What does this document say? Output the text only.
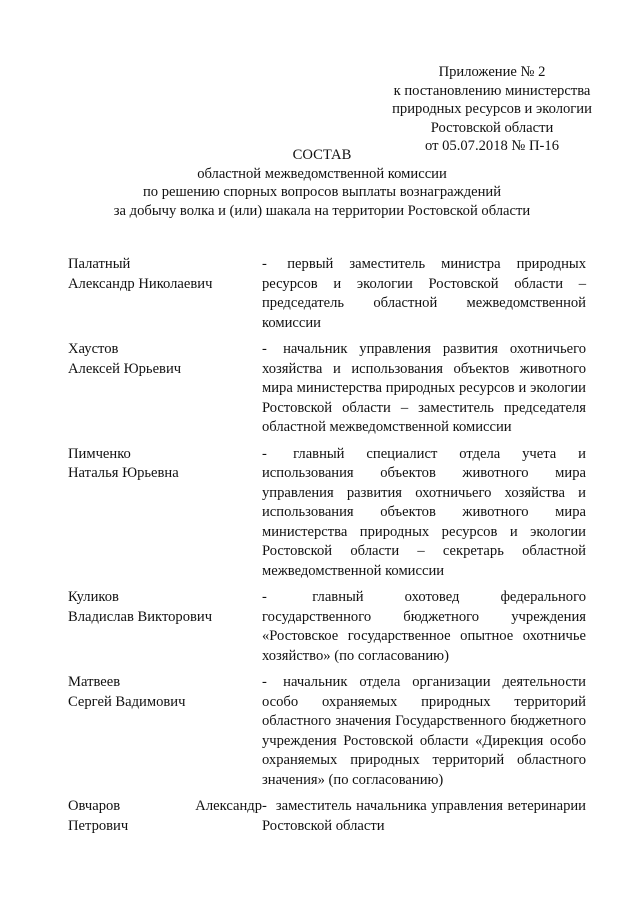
Приложение № 2
к постановлению министерства
природных ресурсов и экологии
Ростовской области
от 05.07.2018 № П-16
СОСТАВ
областной межведомственной комиссии
по решению спорных вопросов выплаты вознаграждений
за добычу волка и (или) шакала на территории Ростовской области
Палатный
Александр Николаевич
- первый заместитель министра природных ресурсов и экологии Ростовской области – председатель областной межведомственной комиссии
Хаустов
Алексей Юрьевич
- начальник управления развития охотничьего хозяйства и использования объектов животного мира министерства природных ресурсов и экологии Ростовской области – заместитель председателя областной межведомственной комиссии
Пимченко
Наталья Юрьевна
- главный специалист отдела учета и использования объектов животного мира управления развития охотничьего хозяйства и использования объектов животного мира министерства природных ресурсов и экологии Ростовской области – секретарь областной межведомственной комиссии
Куликов
Владислав Викторович
-	главный охотовед федерального государственного бюджетного учреждения «Ростовское государственное опытное охотничье хозяйство» (по согласованию)
Матвеев
Сергей Вадимович
- начальник отдела организации деятельности особо охраняемых природных территорий областного значения Государственного бюджетного учреждения Ростовской области «Дирекция особо охраняемых природных территорий областного значения» (по согласованию)
Овчаров Александр
Петрович
- заместитель начальника управления ветеринарии Ростовской области
